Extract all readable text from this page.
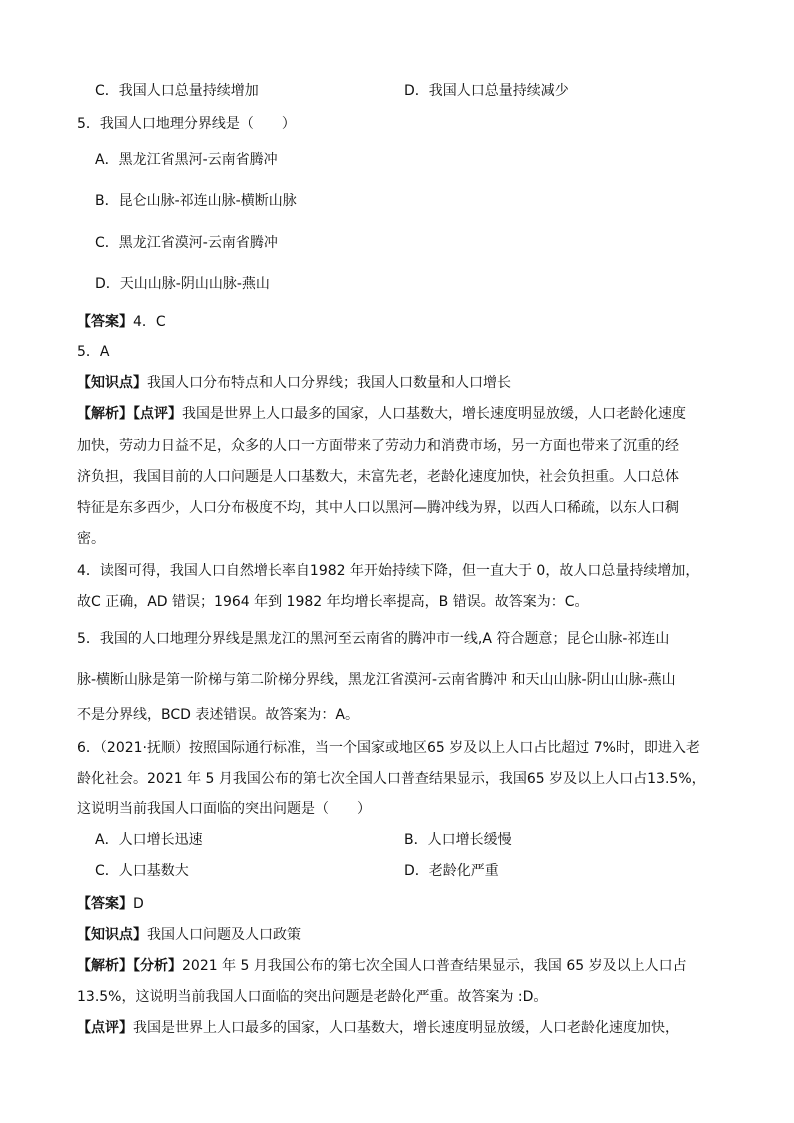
C．我国人口总量持续增加	D．我国人口总量持续减少
5．我国人口地理分界线是（　　）
A．黑龙江省黑河-云南省腾冲
B．昆仑山脉-祁连山脉-横断山脉
C．黑龙江省漠河-云南省腾冲
D．天山山脉-阴山山脉-燕山
【答案】4．C
5．A
【知识点】我国人口分布特点和人口分界线；我国人口数量和人口增长
【解析】【点评】我国是世界上人口最多的国家，人口基数大，增长速度明显放缓，人口老龄化速度
加快，劳动力日益不足，众多的人口一方面带来了劳动力和消费市场，另一方面也带来了沉重的经
济负担，我国目前的人口问题是人口基数大，未富先老，老龄化速度加快，社会负担重。人口总体
特征是东多西少，人口分布极度不均，其中人口以黑河—腾冲线为界，以西人口稀疏，以东人口稠
密。
4．读图可得，我国人口自然增长率自1982 年开始持续下降，但一直大于 0，故人口总量持续增加，
故C 正确，AD 错误；1964 年到 1982 年均增长率提高，B 错误。故答案为：C。
5．我国的人口地理分界线是黑龙江的黑河至云南省的腾冲市一线,A 符合题意；昆仑山脉-祁连山
脉-横断山脉是第一阶梯与第二阶梯分界线，黑龙江省漠河-云南省腾冲 和天山山脉-阴山山脉-燕山
不是分界线，BCD 表述错误。故答案为：A。
6．（2021·抚顺）按照国际通行标准，当一个国家或地区65 岁及以上人口占比超过 7%时，即进入老
龄化社会。2021 年 5 月我国公布的第七次全国人口普查结果显示，我国65 岁及以上人口占13.5%，
这说明当前我国人口面临的突出问题是（　　）
A．人口增长迅速	B．人口增长缓慢
C．人口基数大	D．老龄化严重
【答案】D
【知识点】我国人口问题及人口政策
【解析】【分析】2021 年 5 月我国公布的第七次全国人口普查结果显示，我国 65 岁及以上人口占
13.5%，这说明当前我国人口面临的突出问题是老龄化严重。故答案为 :D。
【点评】我国是世界上人口最多的国家，人口基数大，增长速度明显放缓，人口老龄化速度加快，
